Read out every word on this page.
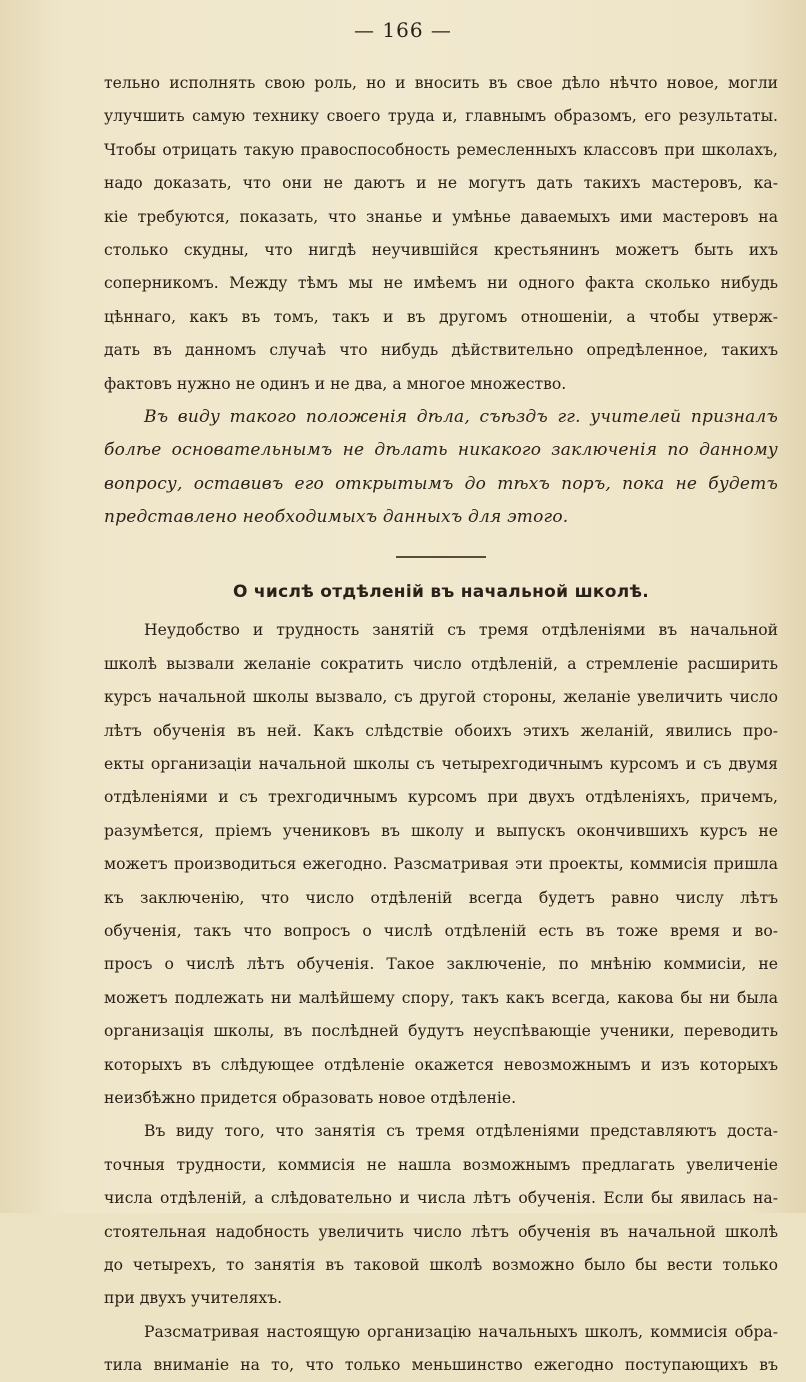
— 166 —
тельно исполнять свою роль, но и вносить въ свое дѣло нѣчто новое, могли
улучшить самую технику своего труда и, главнымъ образомъ, его результаты.
Чтобы отрицать такую правоспособность ремесленныхъ классовъ при школахъ,
надо доказать, что они не даютъ и не могутъ дать такихъ мастеровъ, ка-
кіе требуются, показать, что знанье и умѣнье даваемыхъ ими мастеровъ на
столько скудны, что нигдѣ неучившійся крестьянинъ можетъ быть ихъ
соперникомъ. Между тѣмъ мы не имѣемъ ни одного факта сколько нибудь
цѣннаго, какъ въ томъ, такъ и въ другомъ отношеніи, а чтобы утверж-
дать въ данномъ случаѣ что нибудь дѣйствительно опредѣленное, такихъ
фактовъ нужно не одинъ и не два, а многое множество.
Въ виду такого положенія дѣла, съѣздъ гг. учителей призналъ
болѣе основательнымъ не дѣлать никакого заключенія по данному
вопросу, оставивъ его открытымъ до тѣхъ поръ, пока не будетъ
представлено необходимыхъ данныхъ для этого.
О числѣ отдѣленій въ начальной школѣ.
Неудобство и трудность занятій съ тремя отдѣленіями въ начальной
школѣ вызвали желаніе сократить число отдѣленій, а стремленіе расширить
курсъ начальной школы вызвало, съ другой стороны, желаніе увеличить число
лѣтъ обученія въ ней. Какъ слѣдствіе обоихъ этихъ желаній, явились про-
екты организаціи начальной школы съ четырехгодичнымъ курсомъ и съ двумя
отдѣленіями и съ трехгодичнымъ курсомъ при двухъ отдѣленіяхъ, причемъ,
разумѣется, пріемъ учениковъ въ школу и выпускъ окончившихъ курсъ не
можетъ производиться ежегодно. Разсматривая эти проекты, коммисія пришла
къ заключенію, что число отдѣленій всегда будетъ равно числу лѣтъ
обученія, такъ что вопросъ о числѣ отдѣленій есть въ тоже время и во-
просъ о числѣ лѣтъ обученія. Такое заключеніе, по мнѣнію коммисіи, не
можетъ подлежать ни малѣйшему спору, такъ какъ всегда, какова бы ни была
организація школы, въ послѣдней будутъ неуспѣвающіе ученики, переводить
которыхъ въ слѣдующее отдѣленіе окажется невозможнымъ и изъ которыхъ
неизбѣжно придется образовать новое отдѣленіе.
Въ виду того, что занятія съ тремя отдѣленіями представляютъ доста-
точныя трудности, коммисія не нашла возможнымъ предлагать увеличеніе
числа отдѣленій, а слѣдовательно и числа лѣтъ обученія. Если бы явилась на-
стоятельная надобность увеличить число лѣтъ обученія въ начальной школѣ
до четырехъ, то занятія въ таковой школѣ возможно было бы вести только
при двухъ учителяхъ.
Разсматривая настоящую организацію начальныхъ школъ, коммисія обра-
тила вниманіе на то, что только меньшинство ежегодно поступающихъ въ
